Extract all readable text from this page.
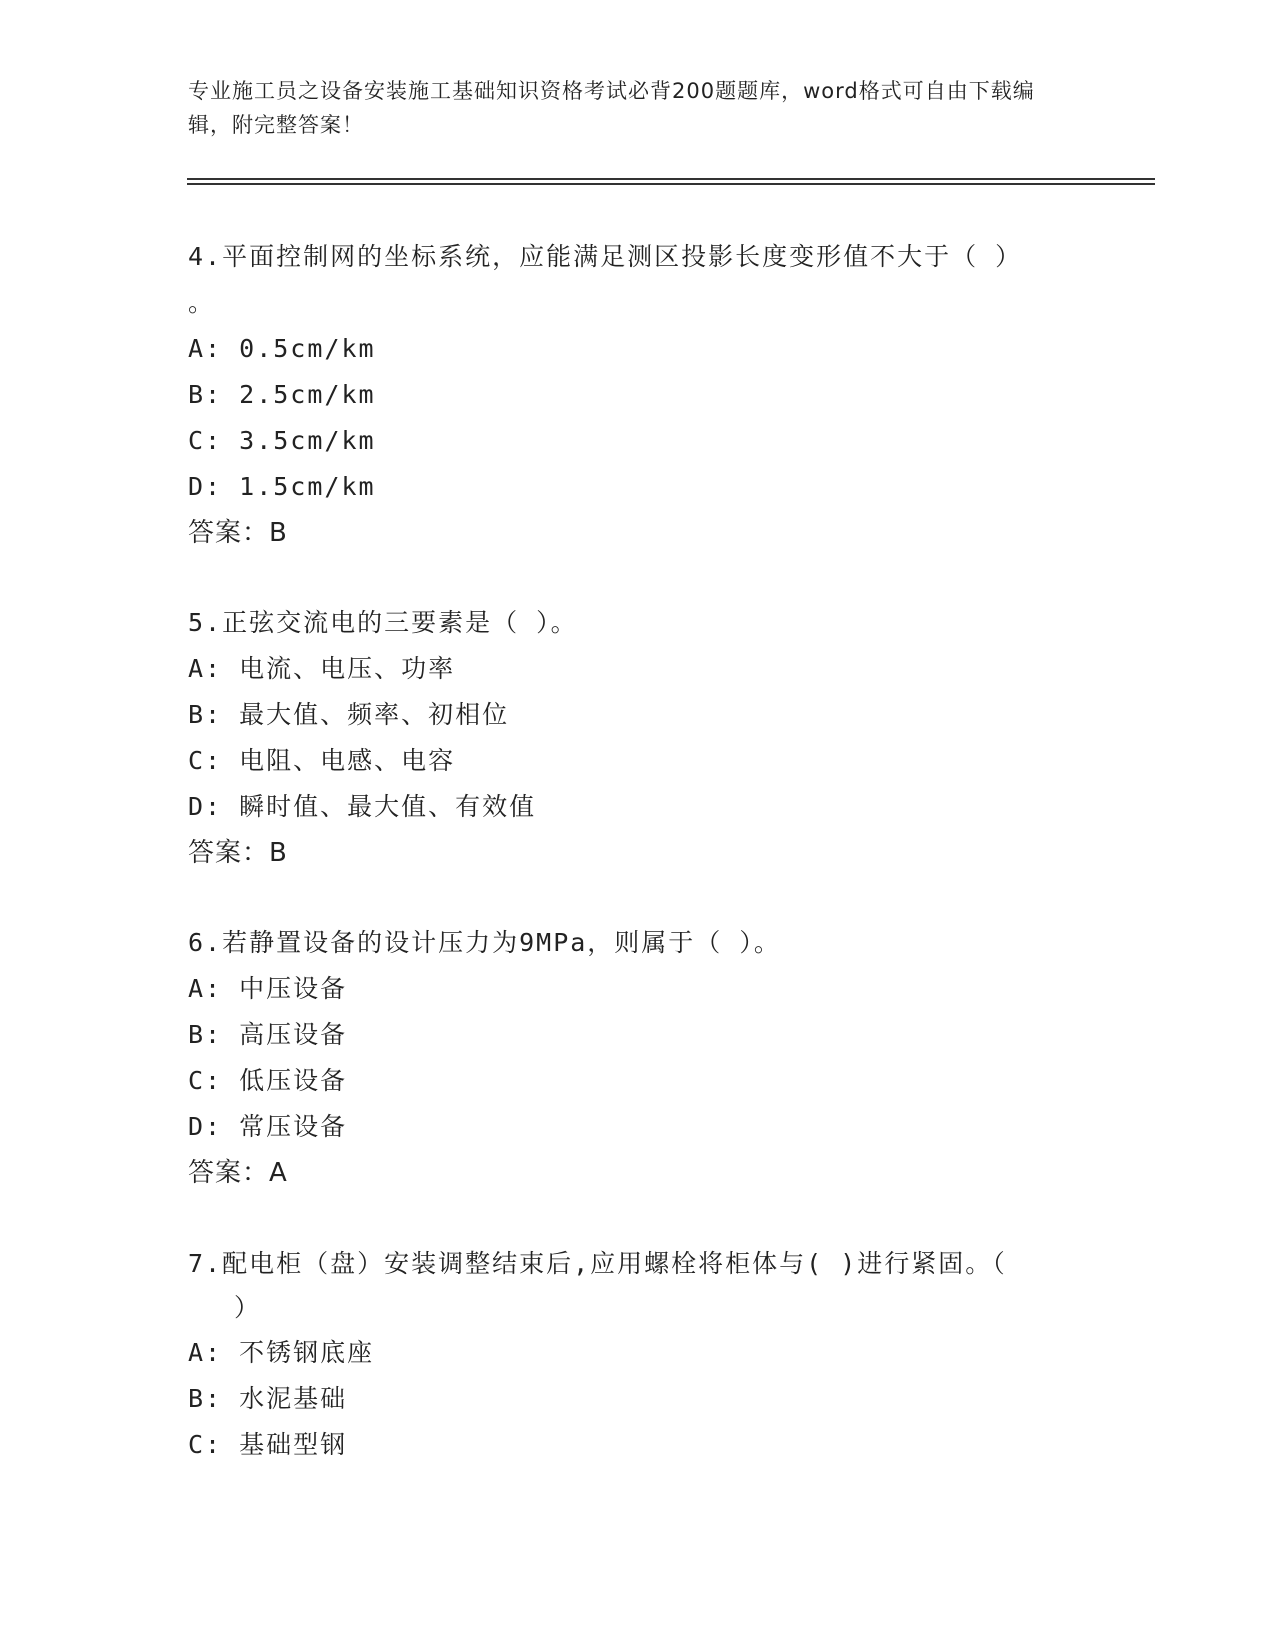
专业施工员之设备安装施工基础知识资格考试必背200题题库，word格式可自由下载编辑，附完整答案！
4.平面控制网的坐标系统，应能满足测区投影长度变形值不大于（ ）
。
A: 0.5cm/km
B: 2.5cm/km
C: 3.5cm/km
D: 1.5cm/km
答案：B
5.正弦交流电的三要素是（ ）。
A: 电流、电压、功率
B: 最大值、频率、初相位
C: 电阻、电感、电容
D: 瞬时值、最大值、有效值
答案：B
6.若静置设备的设计压力为9MPa，则属于（ ）。
A: 中压设备
B: 高压设备
C: 低压设备
D: 常压设备
答案：A
7.配电柜（盘）安装调整结束后,应用螺栓将柜体与( )进行紧固。（
）
A: 不锈钢底座
B: 水泥基础
C: 基础型钢
